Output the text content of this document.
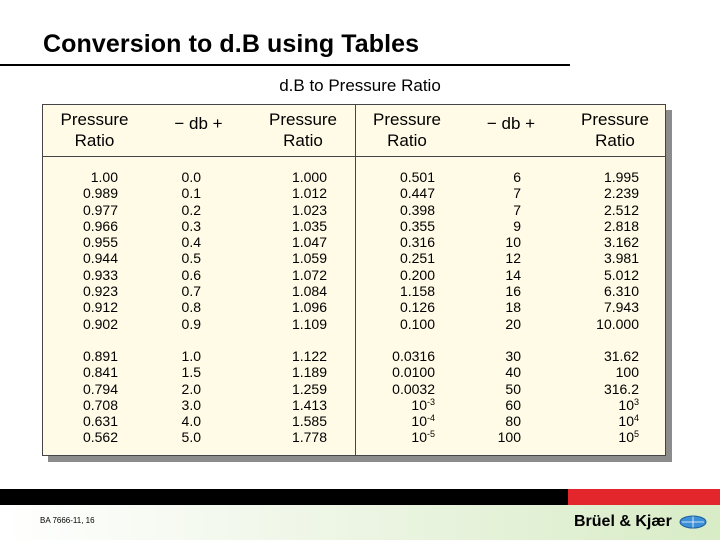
Conversion to d.B using Tables
d.B to Pressure Ratio
Pressure
Ratio
1.00
0.989
0.977
0.966
0.955
0.944
0.933
0.923
0.912
0.902
0.891
0.841
0.794
0.708
0.631
0.562
− db +
0.0
0.1
0.2
0.3
0.4
0.5
0.6
0.7
0.8
0.9
1.0
1.5
2.0
3.0
4.0
5.0
Pressure
Ratio
1.000
1.012
1.023
1.035
1.047
1.059
1.072
1.084
1.096
1.109
1.122
1.189
1.259
1.413
1.585
1.778
Pressure
Ratio
0.501
0.447
0.398
0.355
0.316
0.251
0.200
1.158
0.126
0.100
0.0316
0.0100
0.0032
$10^{-3}$
$10^{-4}$
$10^{-5}$
− db +
6
7
7
9
10
12
14
16
18
20
30
40
50
60
80
100
Pressure
Ratio
1.995
2.239
2.512
2.818
3.162
3.981
5.012
6.310
7.943
10.000
31.62
100
316.2
$10^3$
$10^4$
$10^5$
BA 7666-11, 16	Brüel & Kjær
